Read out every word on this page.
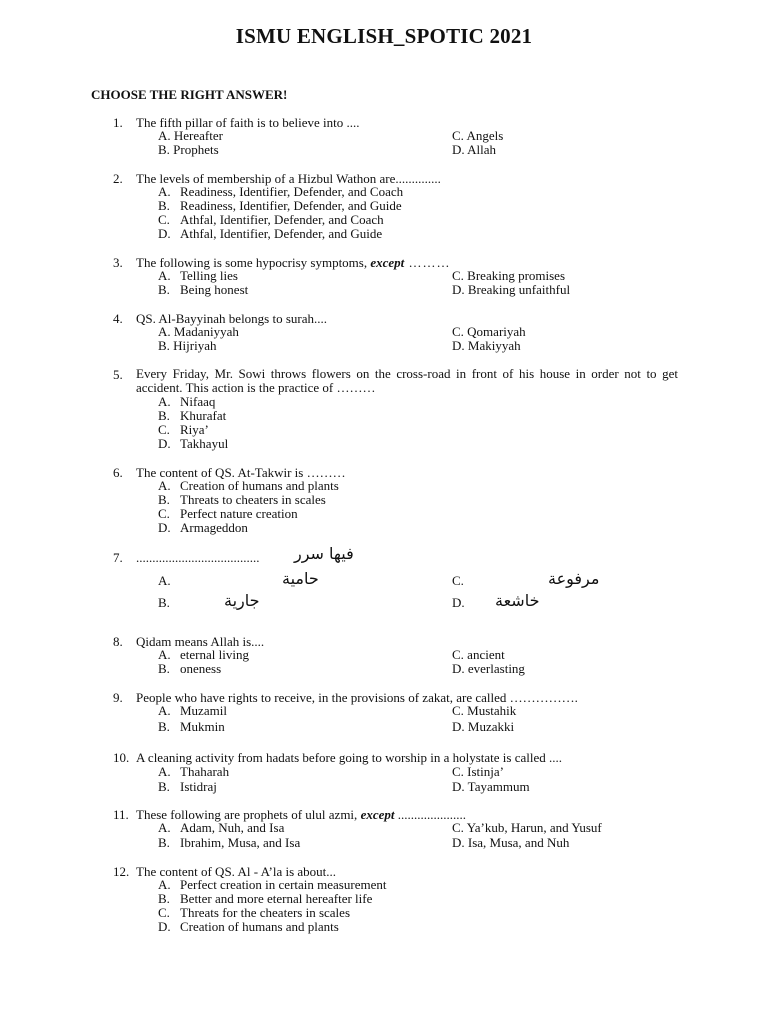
ISMU ENGLISH_SPOTIC 2021
CHOOSE THE RIGHT ANSWER!
1. The fifth pillar of faith is to believe into ....
A. Hereafter	C. Angels
B. Prophets	D. Allah
2. The levels of membership of a Hizbul Wathon are..............
A. Readiness, Identifier, Defender, and Coach
B. Readiness, Identifier, Defender, and Guide
C. Athfal, Identifier, Defender, and Coach
D. Athfal, Identifier, Defender, and Guide
3. The following is some hypocrisy symptoms, except ………
A. Telling lies	C. Breaking promises
B. Being honest	D. Breaking unfaithful
4. QS. Al-Bayyinah belongs to surah....
A. Madaniyyah	C. Qomariyah
B. Hijriyah	D. Makiyyah
5. Every Friday, Mr. Sowi throws flowers on the cross-road in front of his house in order not to get accident. This action is the practice of ………
A. Nifaaq
B. Khurafat
C. Riya’
D. Takhayul
6. The content of QS. At-Takwir is ………
A. Creation of humans and plants
B. Threats to cheaters in scales
C. Perfect nature creation
D. Armageddon
7. ...................................... فيها سرر
A.	حامية	C.	مرفوعة
B.	جارية	D. خاشعة
8. Qidam means Allah is....
A. eternal living	C. ancient
B. oneness	D. everlasting
9. People who have rights to receive, in the provisions of zakat, are called …………….
A. Muzamil	C. Mustahik
B. Mukmin	D. Muzakki
10. A cleaning activity from hadats before going to worship in a holystate is called ....
A. Thaharah	C. Istinja’
B. Istidraj	D. Tayammum
11. These following are prophets of ulul azmi, except .....................
A. Adam, Nuh, and Isa	C. Ya’kub, Harun, and Yusuf
B. Ibrahim, Musa, and Isa	D. Isa, Musa, and Nuh
12. The content of QS. Al - A’la is about...
A. Perfect creation in certain measurement
B. Better and more eternal hereafter life
C. Threats for the cheaters in scales
D. Creation of humans and plants
